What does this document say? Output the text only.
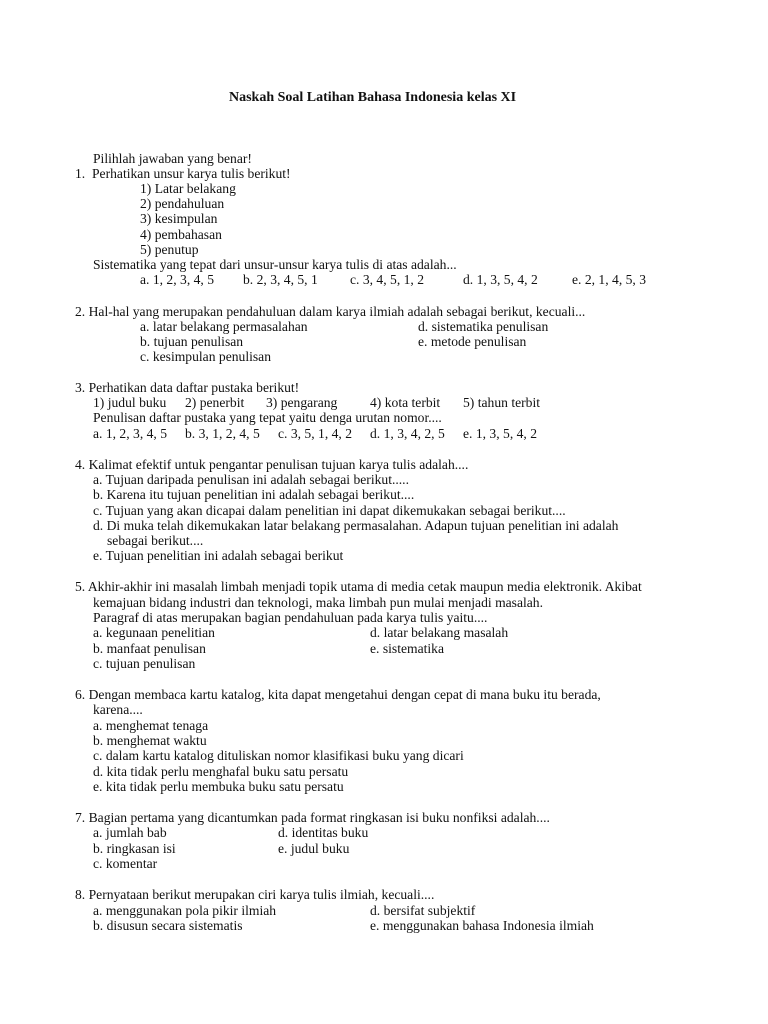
Naskah Soal Latihan Bahasa Indonesia kelas XI
Pilihlah jawaban yang benar!
1.  Perhatikan unsur karya tulis berikut!
1) Latar belakang
2) pendahuluan
3) kesimpulan
4) pembahasan
5) penutup
Sistematika yang tepat dari unsur-unsur karya tulis di atas adalah...
a. 1, 2, 3, 4, 5 b. 2, 3, 4, 5, 1 c. 3, 4, 5, 1, 2	d. 1, 3, 5, 4, 2	e. 2, 1, 4, 5, 3
2. Hal-hal yang merupakan pendahuluan dalam karya ilmiah adalah sebagai berikut, kecuali...
a. latar belakang permasalahan	d. sistematika penulisan
b. tujuan penulisan	e. metode penulisan
c. kesimpulan penulisan
3. Perhatikan data daftar pustaka berikut!
1) judul buku 2) penerbit 3) pengarang 4) kota terbit 5) tahun terbit
Penulisan daftar pustaka yang tepat yaitu denga urutan nomor....
a. 1, 2, 3, 4, 5 b. 3, 1, 2, 4, 5 c. 3, 5, 1, 4, 2 d. 1, 3, 4, 2, 5 e. 1, 3, 5, 4, 2
4. Kalimat efektif untuk pengantar penulisan tujuan karya tulis adalah....
a. Tujuan daripada penulisan ini adalah sebagai berikut.....
b. Karena itu tujuan penelitian ini adalah sebagai berikut....
c. Tujuan yang akan dicapai dalam penelitian ini dapat dikemukakan sebagai berikut....
d. Di muka telah dikemukakan latar belakang permasalahan. Adapun tujuan penelitian ini adalah
sebagai berikut....
e. Tujuan penelitian ini adalah sebagai berikut
5. Akhir-akhir ini masalah limbah menjadi topik utama di media cetak maupun media elektronik. Akibat
kemajuan bidang industri dan teknologi, maka limbah pun mulai menjadi masalah.
Paragraf di atas merupakan bagian pendahuluan pada karya tulis yaitu....
a. kegunaan penelitian	d. latar belakang masalah
b. manfaat penulisan	e. sistematika
c. tujuan penulisan
6. Dengan membaca kartu katalog, kita dapat mengetahui dengan cepat di mana buku itu berada,
karena....
a. menghemat tenaga
b. menghemat waktu
c. dalam kartu katalog dituliskan nomor klasifikasi buku yang dicari
d. kita tidak perlu menghafal buku satu persatu
e. kita tidak perlu membuka buku satu persatu
7. Bagian pertama yang dicantumkan pada format ringkasan isi buku nonfiksi adalah....
a. jumlah bab	d. identitas buku
b. ringkasan isi	e. judul buku
c. komentar
8. Pernyataan berikut merupakan ciri karya tulis ilmiah, kecuali....
a. menggunakan pola pikir ilmiah	d. bersifat subjektif
b. disusun secara sistematis	e. menggunakan bahasa Indonesia ilmiah
